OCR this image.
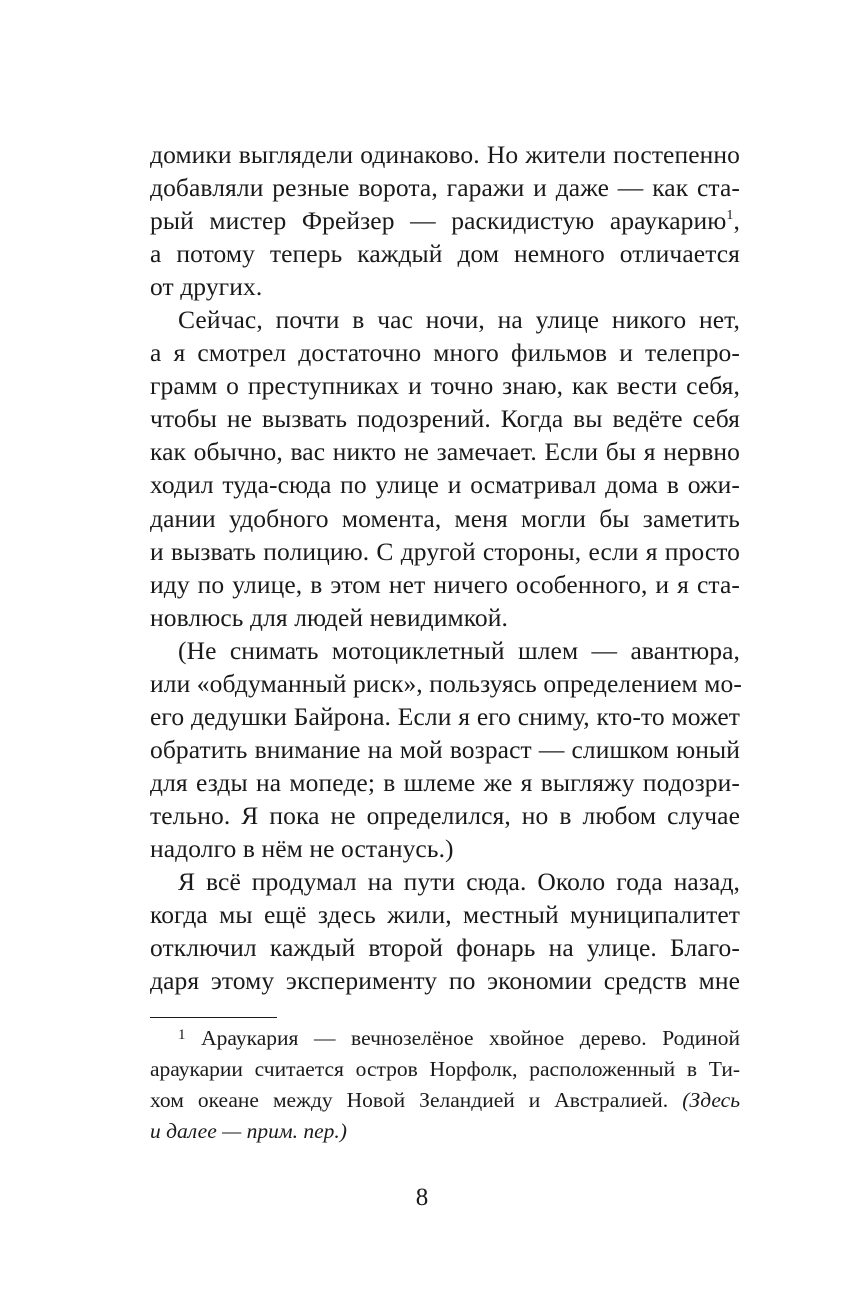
домики выглядели одинаково. Но жители постепенно
добавляли резные ворота, гаражи и даже — как ста-
рый мистер Фрейзер — раскидистую араукарию$^1$,
а потому теперь каждый дом немного отличается
от других.
Сейчас, почти в час ночи, на улице никого нет,
а я смотрел достаточно много фильмов и телепро-
грамм о преступниках и точно знаю, как вести себя,
чтобы не вызвать подозрений. Когда вы ведёте себя
как обычно, вас никто не замечает. Если бы я нервно
ходил туда-сюда по улице и осматривал дома в ожи-
дании удобного момента, меня могли бы заметить
и вызвать полицию. С другой стороны, если я просто
иду по улице, в этом нет ничего особенного, и я ста-
новлюсь для людей невидимкой.
(Не снимать мотоциклетный шлем — авантюра,
или «обдуманный риск», пользуясь определением мо-
его дедушки Байрона. Если я его сниму, кто-то может
обратить внимание на мой возраст — слишком юный
для езды на мопеде; в шлеме же я выгляжу подозри-
тельно. Я пока не определился, но в любом случае
надолго в нём не останусь.)
Я всё продумал на пути сюда. Около года назад,
когда мы ещё здесь жили, местный муниципалитет
отключил каждый второй фонарь на улице. Благо-
даря этому эксперименту по экономии средств мне
$^1$ Араукария — вечнозелёное хвойное дерево. Родиной
араукарии считается остров Норфолк, расположенный в Ти-
хом океане между Новой Зеландией и Австралией. (Здесь
и далее — прим. пер.)
8
